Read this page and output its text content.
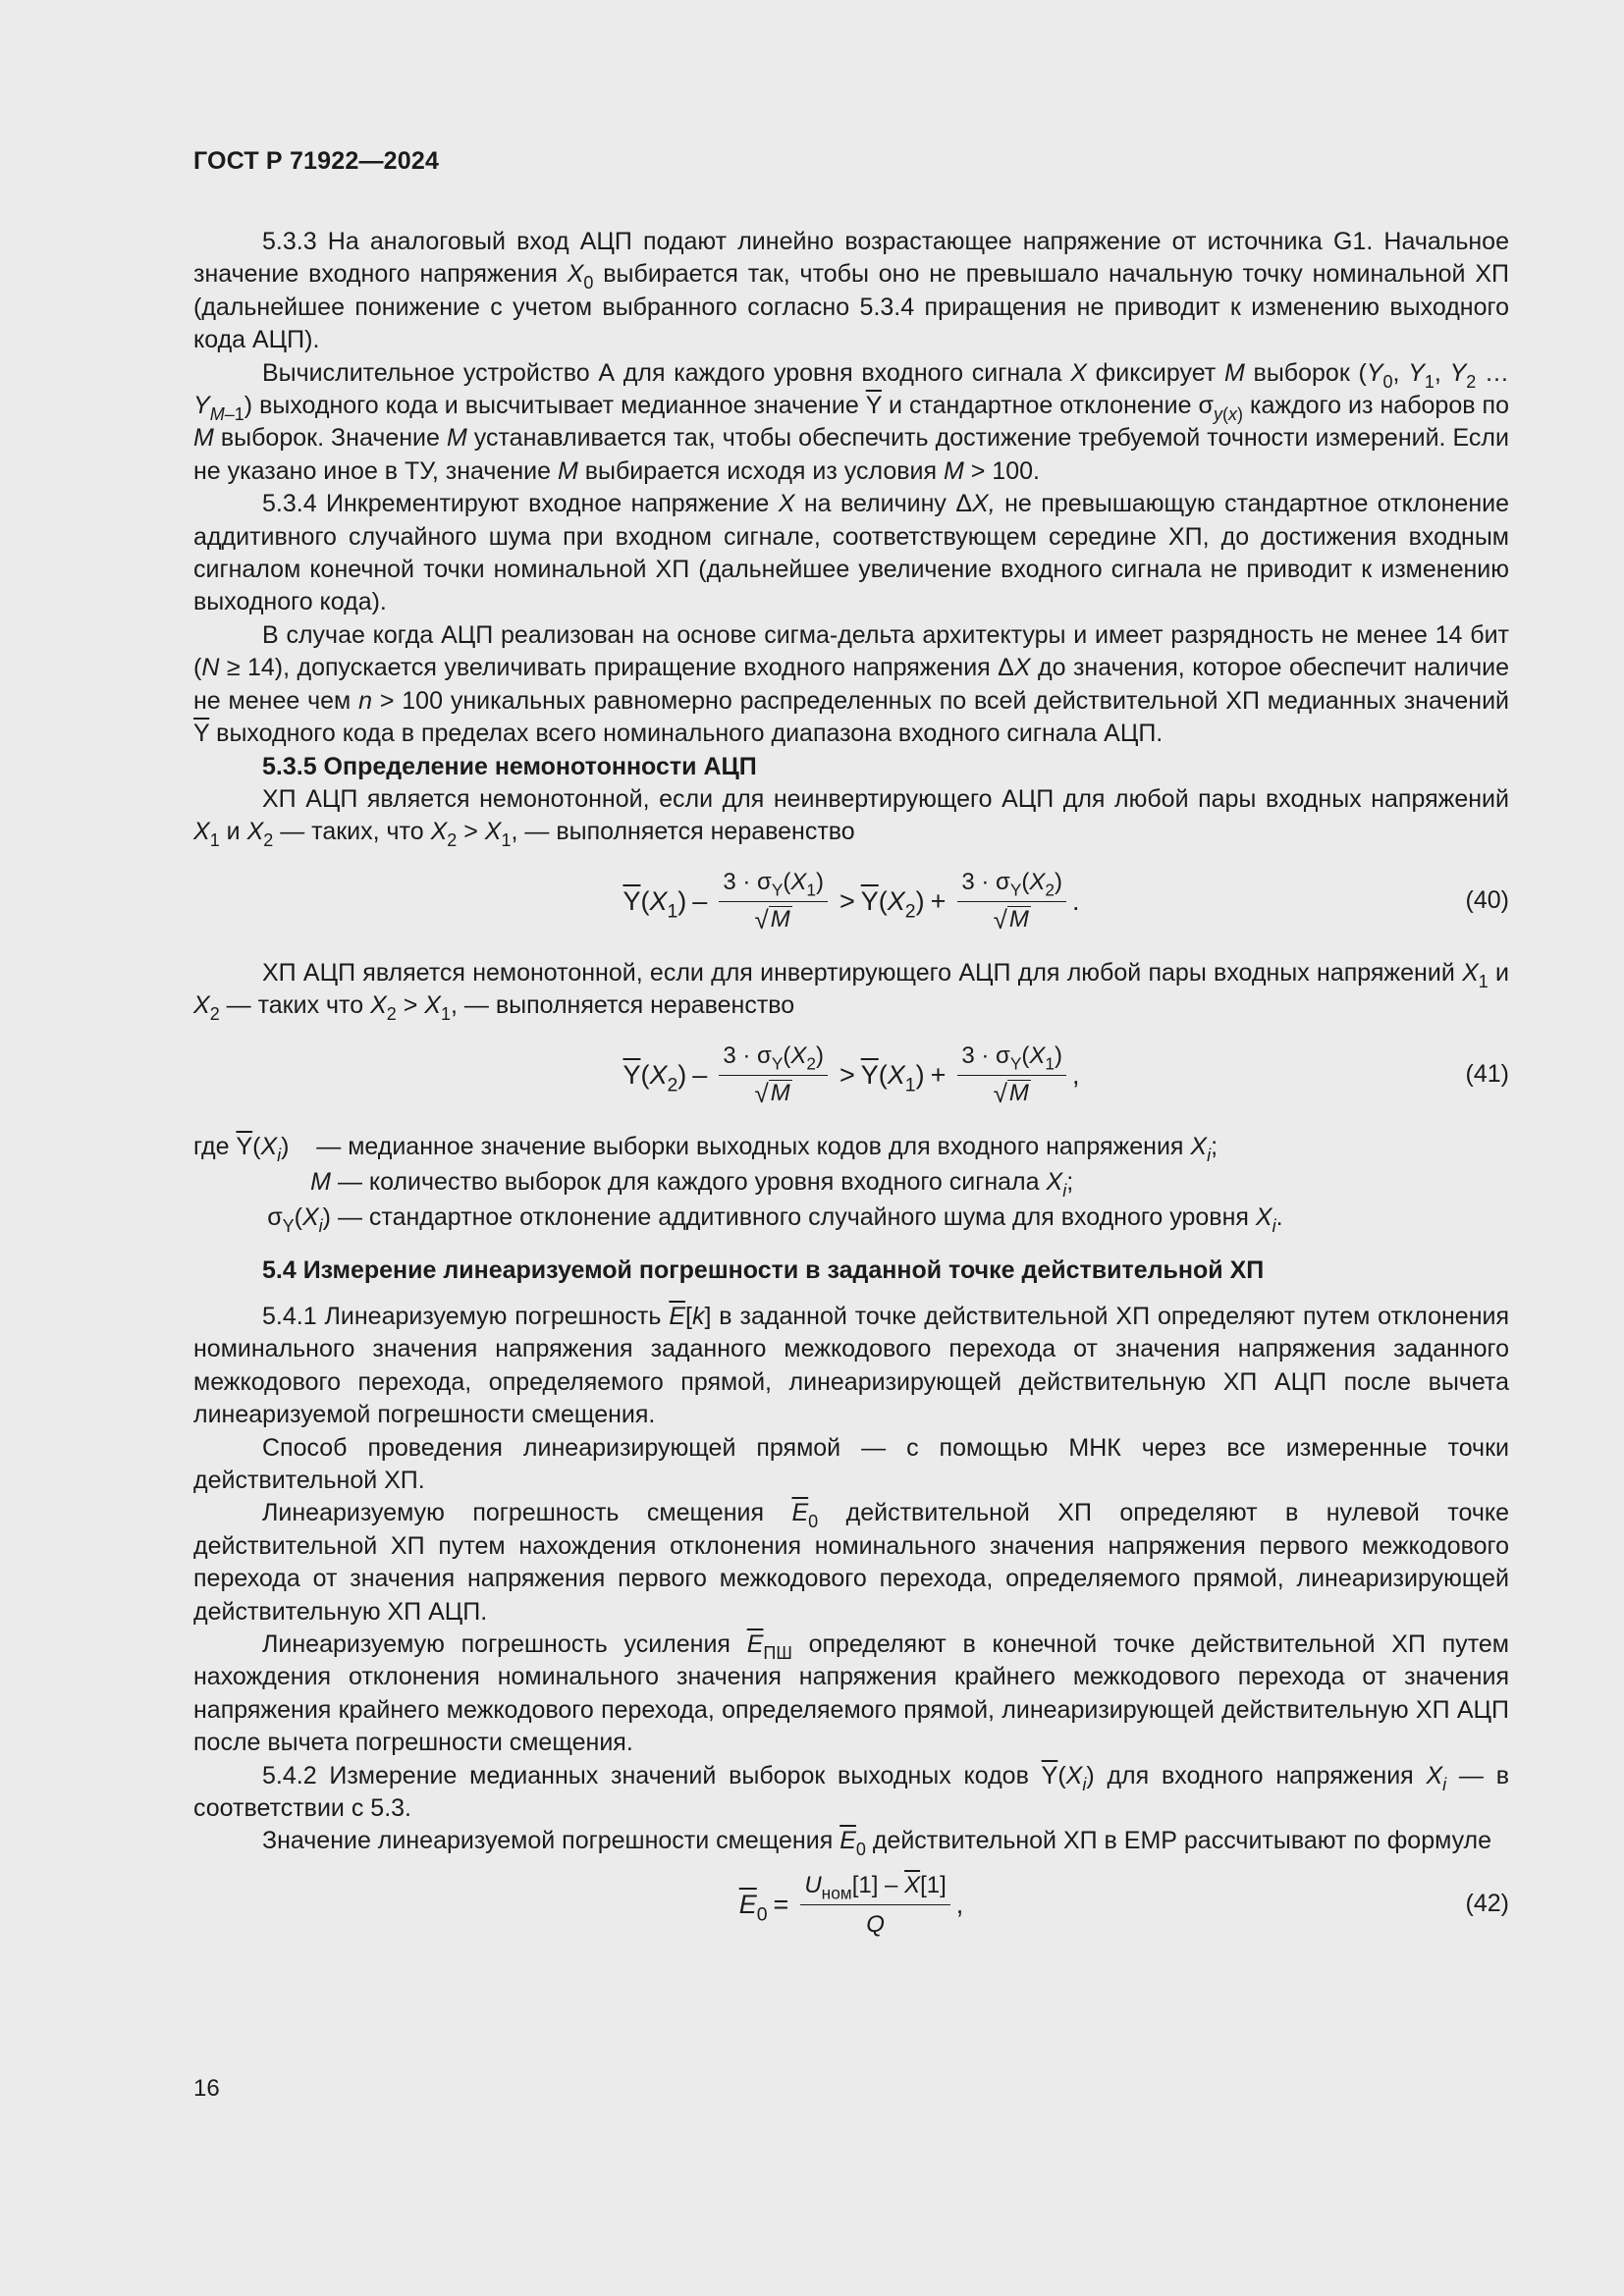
ГОСТ Р 71922—2024

5.3.3 На аналоговый вход АЦП подают линейно возрастающее напряжение от источника G1. Начальное значение входного напряжения $X_0$ выбирается так, чтобы оно не превышало начальную точку номинальной ХП (дальнейшее понижение с учетом выбранного согласно 5.3.4 приращения не приводит к изменению выходного кода АЦП).

Вычислительное устройство А для каждого уровня входного сигнала X фиксирует M выборок ($Y_0$, $Y_1$, $Y_2$ … $Y_{M-1}$) выходного кода и высчитывает медианное значение $\overline{Y}$ и стандартное отклонение $\sigma_{y(x)}$ каждого из наборов по M выборок. Значение M устанавливается так, чтобы обеспечить достижение требуемой точности измерений. Если не указано иное в ТУ, значение M выбирается исходя из условия M > 100.

5.3.4 Инкрементируют входное напряжение X на величину ΔX, не превышающую стандартное отклонение аддитивного случайного шума при входном сигнале, соответствующем середине ХП, до достижения входным сигналом конечной точки номинальной ХП (дальнейшее увеличение входного сигнала не приводит к изменению выходного кода).

В случае когда АЦП реализован на основе сигма-дельта архитектуры и имеет разрядность не менее 14 бит (N ≥ 14), допускается увеличивать приращение входного напряжения ΔX до значения, которое обеспечит наличие не менее чем n > 100 уникальных равномерно распределенных по всей действительной ХП медианных значений $\overline{Y}$ выходного кода в пределах всего номинального диапазона входного сигнала АЦП.

5.3.5 Определение немонотонности АЦП

ХП АЦП является немонотонной, если для неинвертирующего АЦП для любой пары входных напряжений $X_1$ и $X_2$ — таких, что $X_2 > X_1$, — выполняется неравенство

$\overline{Y}(X_1) - \frac{3 \cdot \sigma_Y(X_1)}{√ M} > \overline{Y}(X_2) + \frac{3 \cdot \sigma_Y(X_2)}{√ M}$ .	(40)

ХП АЦП является немонотонной, если для инвертирующего АЦП для любой пары входных напряжений $X_1$ и $X_2$ — таких что $X_2 > X_1$, — выполняется неравенство

$\overline{Y}(X_2) - \frac{3 \cdot \sigma_Y(X_2)}{√ M} > \overline{Y}(X_1) + \frac{3 \cdot \sigma_Y(X_1)}{√ M}$ ,	(41)
где $\overline{Y}(X_i)$    — медианное значение выборки выходных кодов для входного напряжения $X_i$;
M — количество выборок для каждого уровня входного сигнала $X_i$;
$\sigma_Y(X_i)$ — стандартное отклонение аддитивного случайного шума для входного уровня $X_i$.

5.4 Измерение линеаризуемой погрешности в заданной точке действительной ХП

5.4.1 Линеаризуемую погрешность $\overline{E}[k]$ в заданной точке действительной ХП определяют путем отклонения номинального значения напряжения заданного межкодового перехода от значения напряжения заданного межкодового перехода, определяемого прямой, линеаризирующей действительную ХП АЦП после вычета линеаризуемой погрешности смещения.

Способ проведения линеаризирующей прямой — с помощью МНК через все измеренные точки действительной ХП.

Линеаризуемую погрешность смещения $\overline{E}_0$ действительной ХП определяют в нулевой точке действительной ХП путем нахождения отклонения номинального значения напряжения первого межкодового перехода от значения напряжения первого межкодового перехода, определяемого прямой, линеаризирующей действительную ХП АЦП.

Линеаризуемую погрешность усиления $\overline{E}_{ПШ}$ определяют в конечной точке действительной ХП путем нахождения отклонения номинального значения напряжения крайнего межкодового перехода от значения напряжения крайнего межкодового перехода, определяемого прямой, линеаризирующей действительную ХП АЦП после вычета погрешности смещения.

5.4.2 Измерение медианных значений выборок выходных кодов $\overline{Y}(X_i)$ для входного напряжения $X_i$ — в соответствии с 5.3.

Значение линеаризуемой погрешности смещения $\overline{E}_0$ действительной ХП в ЕМР рассчитывают по формуле

$\overline{E}_0 = \frac{U_{ном}[1] - \overline{X}[1]}{Q}$ ,	(42)
16
